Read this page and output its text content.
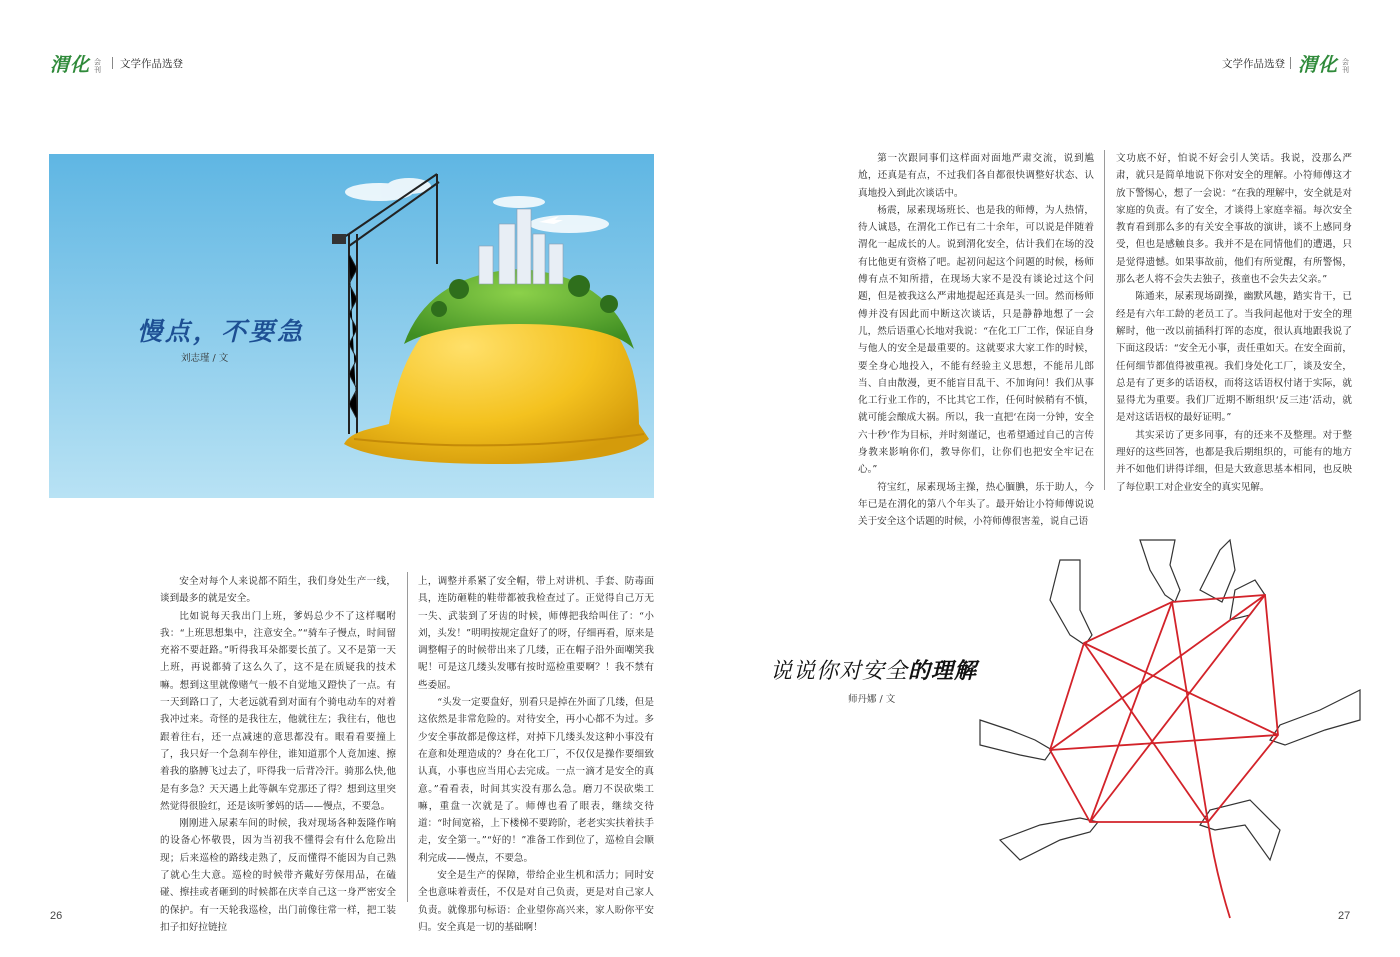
渭化 会刊 文学作品选登	文学作品选登 渭化 会刊
慢点，不要急
刘志瑾 / 文

安全对每个人来说都不陌生，我们身处生产一线，谈到最多的就是安全。

比如说每天我出门上班，爹妈总少不了这样嘱咐我：“上班思想集中，注意安全。”“骑车子慢点，时间留充裕不要赶路。”听得我耳朵都要长茧了。又不是第一天上班，再说都骑了这么久了，这不是在质疑我的技术嘛。想到这里就像赌气一般不自觉地又蹬快了一点。有一天到路口了，大老远就看到对面有个骑电动车的对着我冲过来。奇怪的是我往左，他就往左；我往右，他也跟着往右，还一点减速的意思都没有。眼看看要撞上了，我只好一个急刹车停住，谁知道那个人竟加速、擦着我的胳膊飞过去了，吓得我一后背冷汗。骑那么快,他是有多急？天天遇上此等飙车党那还了得？想到这里突然觉得很脸红，还是该听爹妈的话——慢点，不要急。

刚刚进入尿素车间的时候，我对现场各种轰隆作响的设备心怀敬畏，因为当初我不懂得会有什么危险出现；后来巡检的路线走熟了，反而懂得不能因为自己熟了就心生大意。巡检的时候带齐戴好劳保用品，在磕碰、擦挂或者砸到的时候都在庆幸自己这一身严密安全的保护。有一天轮我巡检，出门前像往常一样，把工装扣子扣好拉链拉

上，调整并系紧了安全帽，带上对讲机、手套、防毒面具，连防砸鞋的鞋带都被我检查过了。正觉得自己万无一失、武装到了牙齿的时候，师傅把我给叫住了：“小刘，头发！”明明按规定盘好了的呀，仔细再看，原来是调整帽子的时候带出来了几缕，正在帽子沿外面嘲笑我呢！可是这几缕头发哪有按时巡检重要啊？！我不禁有些委屈。

“头发一定要盘好，别看只是掉在外面了几缕，但是这依然是非常危险的。对待安全，再小心都不为过。多少安全事故都是像这样，对掉下几缕头发这种小事没有在意和处理造成的？身在化工厂，不仅仅是操作要细致认真，小事也应当用心去完成。一点一滴才是安全的真意。”看看表，时间其实没有那么急。磨刀不误砍柴工嘛，重盘一次就是了。师傅也看了眼表，继续交待道：“时间宽裕，上下楼梯不要跨阶，老老实实扶着扶手走，安全第一。”“好的！”准备工作到位了，巡检自会顺利完成——慢点，不要急。

安全是生产的保障，带给企业生机和活力；同时安全也意味着责任，不仅是对自己负责，更是对自己家人负责。就像那句标语：企业望你高兴来，家人盼你平安归。安全真是一切的基础啊！

第一次跟同事们这样面对面地严肃交流，说到尴尬，还真是有点，不过我们各自都很快调整好状态、认真地投入到此次谈话中。

杨震，尿素现场班长、也是我的师傅，为人热情，待人诚恳，在渭化工作已有二十余年，可以说是伴随着渭化一起成长的人。说到渭化安全，估计我们在场的没有比他更有资格了吧。起初问起这个问题的时候，杨师傅有点不知所措，在现场大家不是没有谈论过这个问题，但是被我这么严肃地提起还真是头一回。然而杨师傅并没有因此而中断这次谈话，只是静静地想了一会儿，然后语重心长地对我说：“在化工厂工作，保证自身与他人的安全是最重要的。这就要求大家工作的时候，要全身心地投入，不能有经验主义思想，不能吊儿郎当、自由散漫，更不能盲目乱干、不加询问！我们从事化工行业工作的，不比其它工作，任何时候稍有不慎，就可能会酿成大祸。所以，我一直把‘在岗一分钟，安全六十秒’作为目标，并时刻谨记，也希望通过自己的言传身教来影响你们，教导你们，让你们也把安全牢记在心。”

符宝红，尿素现场主操，热心腼腆，乐于助人，今年已是在渭化的第八个年头了。最开始让小符师傅说说关于安全这个话题的时候，小符师傅很害羞，说自己语

文功底不好，怕说不好会引人笑话。我说，没那么严肃，就只是简单地说下你对安全的理解。小符师傅这才放下警惕心，想了一会说：“在我的理解中，安全就是对家庭的负责。有了安全，才谈得上家庭幸福。每次安全教育看到那么多的有关安全事故的演讲，谈不上感同身受，但也是感触良多。我并不是在同情他们的遭遇，只是觉得遗憾。如果事故前，他们有所觉醒，有所警惕，那么老人将不会失去独子，孩童也不会失去父亲。”

陈通来，尿素现场副操，幽默风趣，踏实肯干，已经是有六年工龄的老员工了。当我问起他对于安全的理解时，他一改以前插科打诨的态度，很认真地跟我说了下面这段话：“安全无小事，责任重如天。在安全面前，任何细节都值得被重视。我们身处化工厂，谈及安全，总是有了更多的话语权，而将这话语权付诸于实际，就显得尤为重要。我们厂近期不断组织‘反三违’活动，就是对这话语权的最好证明。”

其实采访了更多同事，有的还来不及整理。对于整理好的这些回答，也都是我后期组织的，可能有的地方并不如他们讲得详细，但是大致意思基本相同，也反映了每位职工对企业安全的真实见解。

说说你对安全的理解
师丹娜 / 文
26	27
